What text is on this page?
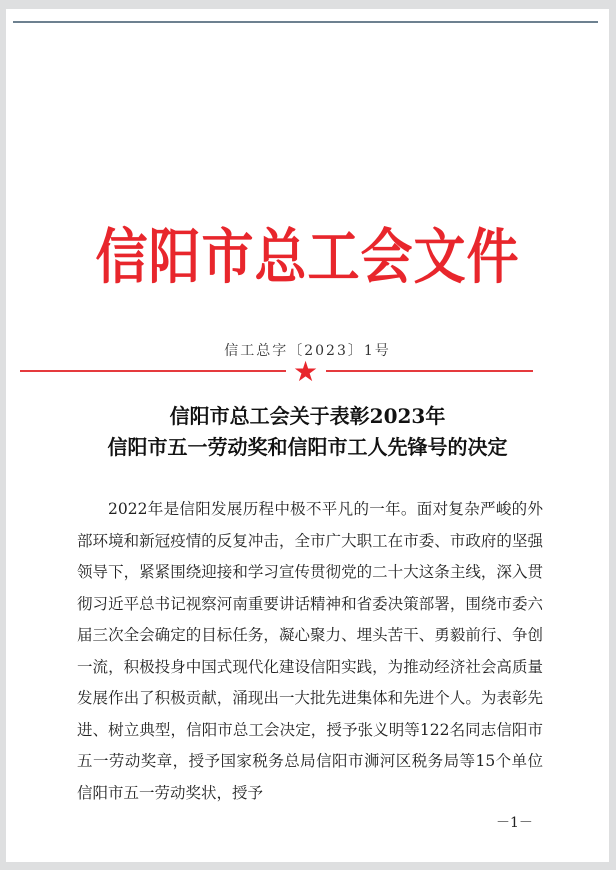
信阳市总工会文件
信工总字〔2023〕1号
★
信阳市总工会关于表彰2023年
信阳市五一劳动奖和信阳市工人先锋号的决定

2022年是信阳发展历程中极不平凡的一年。面对复杂严峻的外部环境和新冠疫情的反复冲击，全市广大职工在市委、市政府的坚强领导下，紧紧围绕迎接和学习宣传贯彻党的二十大这条主线，深入贯彻习近平总书记视察河南重要讲话精神和省委决策部署，围绕市委六届三次全会确定的目标任务，凝心聚力、埋头苦干、勇毅前行、争创一流，积极投身中国式现代化建设信阳实践，为推动经济社会高质量发展作出了积极贡献，涌现出一大批先进集体和先进个人。为表彰先进、树立典型，信阳市总工会决定，授予张义明等122名同志信阳市五一劳动奖章，授予国家税务总局信阳市浉河区税务局等15个单位信阳市五一劳动奖状，授予

－1－
